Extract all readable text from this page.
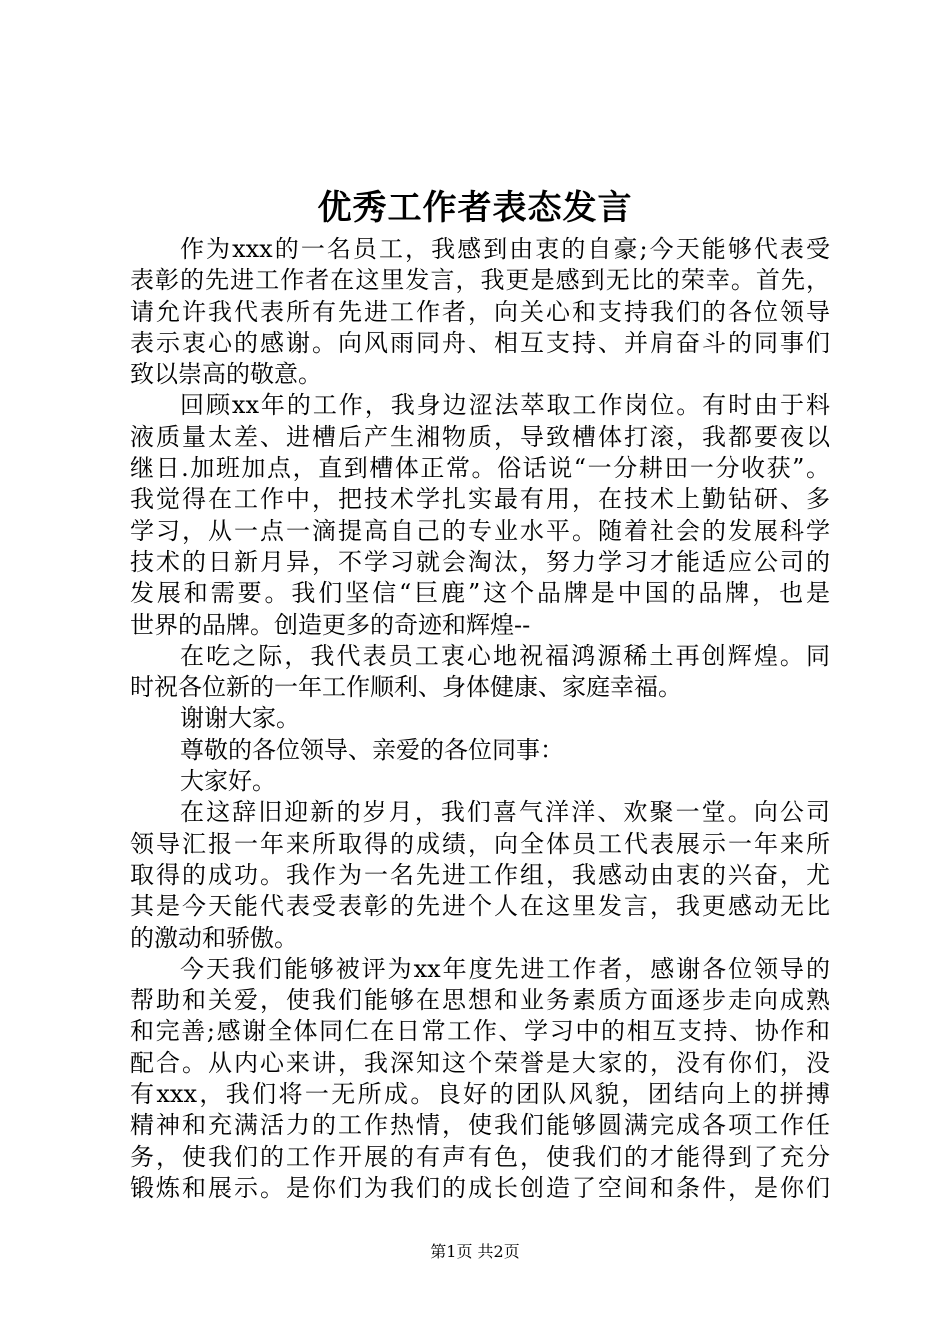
优秀工作者表态发言
作为xxx的一名员工，我感到由衷的自豪;今天能够代表受
表彰的先进工作者在这里发言，我更是感到无比的荣幸。首先，
请允许我代表所有先进工作者，向关心和支持我们的各位领导
表示衷心的感谢。向风雨同舟、相互支持、并肩奋斗的同事们
致以崇高的敬意。
回顾xx年的工作，我身边涩法萃取工作岗位。有时由于料
液质量太差、进槽后产生湘物质，导致槽体打滚，我都要夜以
继日.加班加点，直到槽体正常。俗话说“一分耕田一分收获”。
我觉得在工作中，把技术学扎实最有用，在技术上勤钻研、多
学习，从一点一滴提高自己的专业水平。随着社会的发展科学
技术的日新月异，不学习就会淘汰，努力学习才能适应公司的
发展和需要。我们坚信“巨鹿”这个品牌是中国的品牌，也是
世界的品牌。创造更多的奇迹和辉煌--
在吃之际，我代表员工衷心地祝福鸿源稀土再创辉煌。同
时祝各位新的一年工作顺利、身体健康、家庭幸福。
谢谢大家。
尊敬的各位领导、亲爱的各位同事：
大家好。
在这辞旧迎新的岁月，我们喜气洋洋、欢聚一堂。向公司
领导汇报一年来所取得的成绩，向全体员工代表展示一年来所
取得的成功。我作为一名先进工作组，我感动由衷的兴奋，尤
其是今天能代表受表彰的先进个人在这里发言，我更感动无比
的激动和骄傲。
今天我们能够被评为xx年度先进工作者，感谢各位领导的
帮助和关爱，使我们能够在思想和业务素质方面逐步走向成熟
和完善;感谢全体同仁在日常工作、学习中的相互支持、协作和
配合。从内心来讲，我深知这个荣誉是大家的，没有你们，没
有xxx，我们将一无所成。良好的团队风貌，团结向上的拼搏
精神和充满活力的工作热情，使我们能够圆满完成各项工作任
务，使我们的工作开展的有声有色，使我们的才能得到了充分
锻炼和展示。是你们为我们的成长创造了空间和条件，是你们
第1页 共2页
